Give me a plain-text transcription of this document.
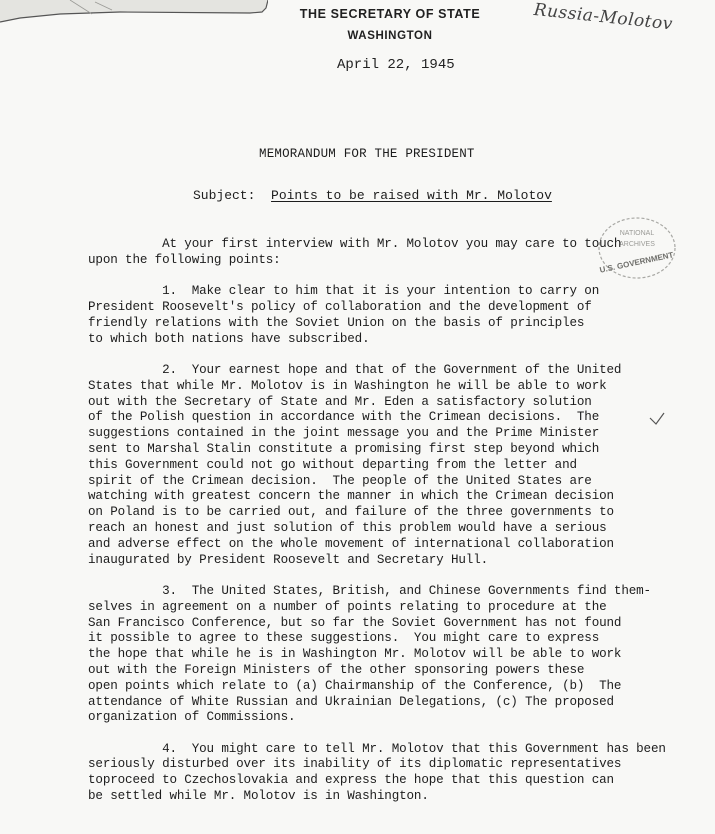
Russia-Molotov
THE SECRETARY OF STATE
WASHINGTON
April 22, 1945
MEMORANDUM FOR THE PRESIDENT
Subject: Points to be raised with Mr. Molotov
NATIONAL
ARCHIVES
U.S. GOVERNMENT

At your first interview with Mr. Molotov you may care to touch
upon the following points:

1.  Make clear to him that it is your intention to carry on
President Roosevelt's policy of collaboration and the development of
friendly relations with the Soviet Union on the basis of principles
to which both nations have subscribed.

2.  Your earnest hope and that of the Government of the United
States that while Mr. Molotov is in Washington he will be able to work
out with the Secretary of State and Mr. Eden a satisfactory solution
of the Polish question in accordance with the Crimean decisions.  The
suggestions contained in the joint message you and the Prime Minister
sent to Marshal Stalin constitute a promising first step beyond which
this Government could not go without departing from the letter and
spirit of the Crimean decision.  The people of the United States are
watching with greatest concern the manner in which the Crimean decision
on Poland is to be carried out, and failure of the three governments to
reach an honest and just solution of this problem would have a serious
and adverse effect on the whole movement of international collaboration
inaugurated by President Roosevelt and Secretary Hull.

3.  The United States, British, and Chinese Governments find them-
selves in agreement on a number of points relating to procedure at the
San Francisco Conference, but so far the Soviet Government has not found
it possible to agree to these suggestions.  You might care to express
the hope that while he is in Washington Mr. Molotov will be able to work
out with the Foreign Ministers of the other sponsoring powers these
open points which relate to (a) Chairmanship of the Conference, (b)  The
attendance of White Russian and Ukrainian Delegations, (c) The proposed
organization of Commissions.

4.  You might care to tell Mr. Molotov that this Government has been
seriously disturbed over its inability of its diplomatic representatives
toproceed to Czechoslovakia and express the hope that this question can
be settled while Mr. Molotov is in Washington.
